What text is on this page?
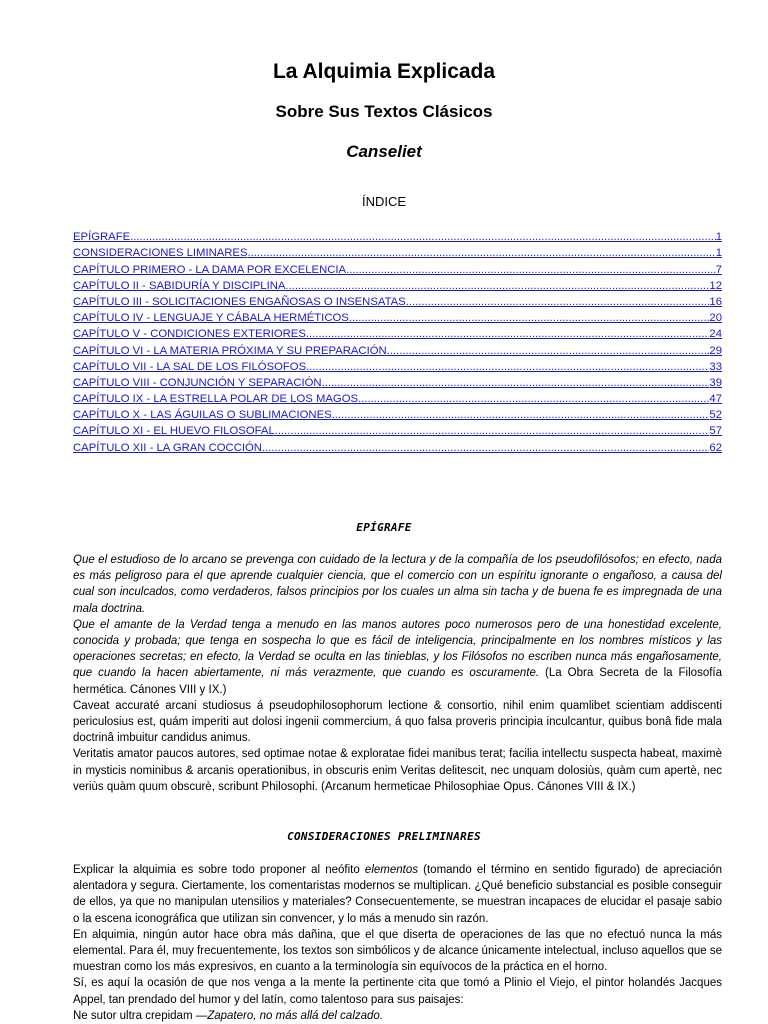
La Alquimia Explicada
Sobre Sus Textos Clásicos
Canseliet
ÍNDICE
EPÍGRAFE .....	1
CONSIDERACIONES LIMINARES .....	1
CAPÍTULO PRIMERO - LA DAMA POR EXCELENCIA .....	7
CAPÍTULO II - SABIDURÍA Y DISCIPLINA .....	12
CAPÍTULO III - SOLICITACIONES ENGAÑOSAS O INSENSATAS .....	16
CAPÍTULO IV - LENGUAJE Y CÁBALA HERMÉTICOS .....	20
CAPÍTULO V - CONDICIONES EXTERIORES .....	24
CAPÍTULO VI - LA MATERIA PRÓXIMA Y SU PREPARACIÓN .....	29
CAPÍTULO VII - LA SAL DE LOS FILÓSOFOS .....	33
CAPÍTULO VIII - CONJUNCIÓN Y SEPARACIÓN .....	39
CAPÍTULO IX - LA ESTRELLA POLAR DE LOS MAGOS .....	47
CAPÍTULO X - LAS ÁGUILAS O SUBLIMACIONES .....	52
CAPÍTULO XI - EL HUEVO FILOSOFAL .....	57
CAPÍTULO XII - LA GRAN COCCIÓN .....	62
EPÍGRAFE

Que el estudioso de lo arcano se prevenga con cuidado de la lectura y de la compañía de los pseudofilósofos; en efecto, nada es más peligroso para el que aprende cualquier ciencia, que el comercio con un espíritu ignorante o engañoso, a causa del cual son inculcados, como verdaderos, falsos principios por los cuales un alma sin tacha y de buena fe es impregnada de una mala doctrina.

Que el amante de la Verdad tenga a menudo en las manos autores poco numerosos pero de una honestidad excelente, conocida y probada; que tenga en sospecha lo que es fácil de inteligencia, principalmente en los nombres místicos y las operaciones secretas; en efecto, la Verdad se oculta en las tinieblas, y los Filósofos no escriben nunca más engañosamente, que cuando la hacen abiertamente, ni más verazmente, que cuando es oscuramente. (La Obra Secreta de la Filosofía hermética. Cánones VIII y IX.)

Caveat accuraté arcani studiosus á pseudophilosophorum lectione & consortio, nihil enim quamlibet scientiam addiscenti periculosius est, quám imperiti aut dolosi ingenii commercium, á quo falsa proveris principia inculcantur, quibus bonâ fide mala doctrinâ imbuitur candidus animus.

Veritatis amator paucos autores, sed optimae notae & exploratae fidei manibus terat; facilia intellectu suspecta habeat, maximè in mysticis nominibus & arcanis operationibus, in obscuris enim Veritas delitescit, nec unquam dolosiùs, quàm cum apertè, nec veriùs quàm quum obscurè, scribunt Philosophi. (Arcanum hermeticae Philosophiae Opus. Cánones VIII & IX.)

CONSIDERACIONES PRELIMINARES

Explicar la alquimia es sobre todo proponer al neófito elementos (tomando el término en sentido figurado) de apreciación alentadora y segura. Ciertamente, los comentaristas modernos se multiplican. ¿Qué beneficio substancial es posible conseguir de ellos, ya que no manipulan utensilios y materiales? Consecuentemente, se muestran incapaces de elucidar el pasaje sabio o la escena iconográfica que utilizan sin convencer, y lo más a menudo sin razón.

En alquimia, ningún autor hace obra más dañina, que el que diserta de operaciones de las que no efectuó nunca la más elemental. Para él, muy frecuentemente, los textos son simbólicos y de alcance únicamente intelectual, incluso aquellos que se muestran como los más expresivos, en cuanto a la terminología sin equívocos de la práctica en el horno.

Sí, es aquí la ocasión de que nos venga a la mente la pertinente cita que tomó a Plinio el Viejo, el pintor holandés Jacques Appel, tan prendado del humor y del latín, como talentoso para sus paisajes:

Ne sutor ultra crepidam —Zapatero, no más allá del calzado.
